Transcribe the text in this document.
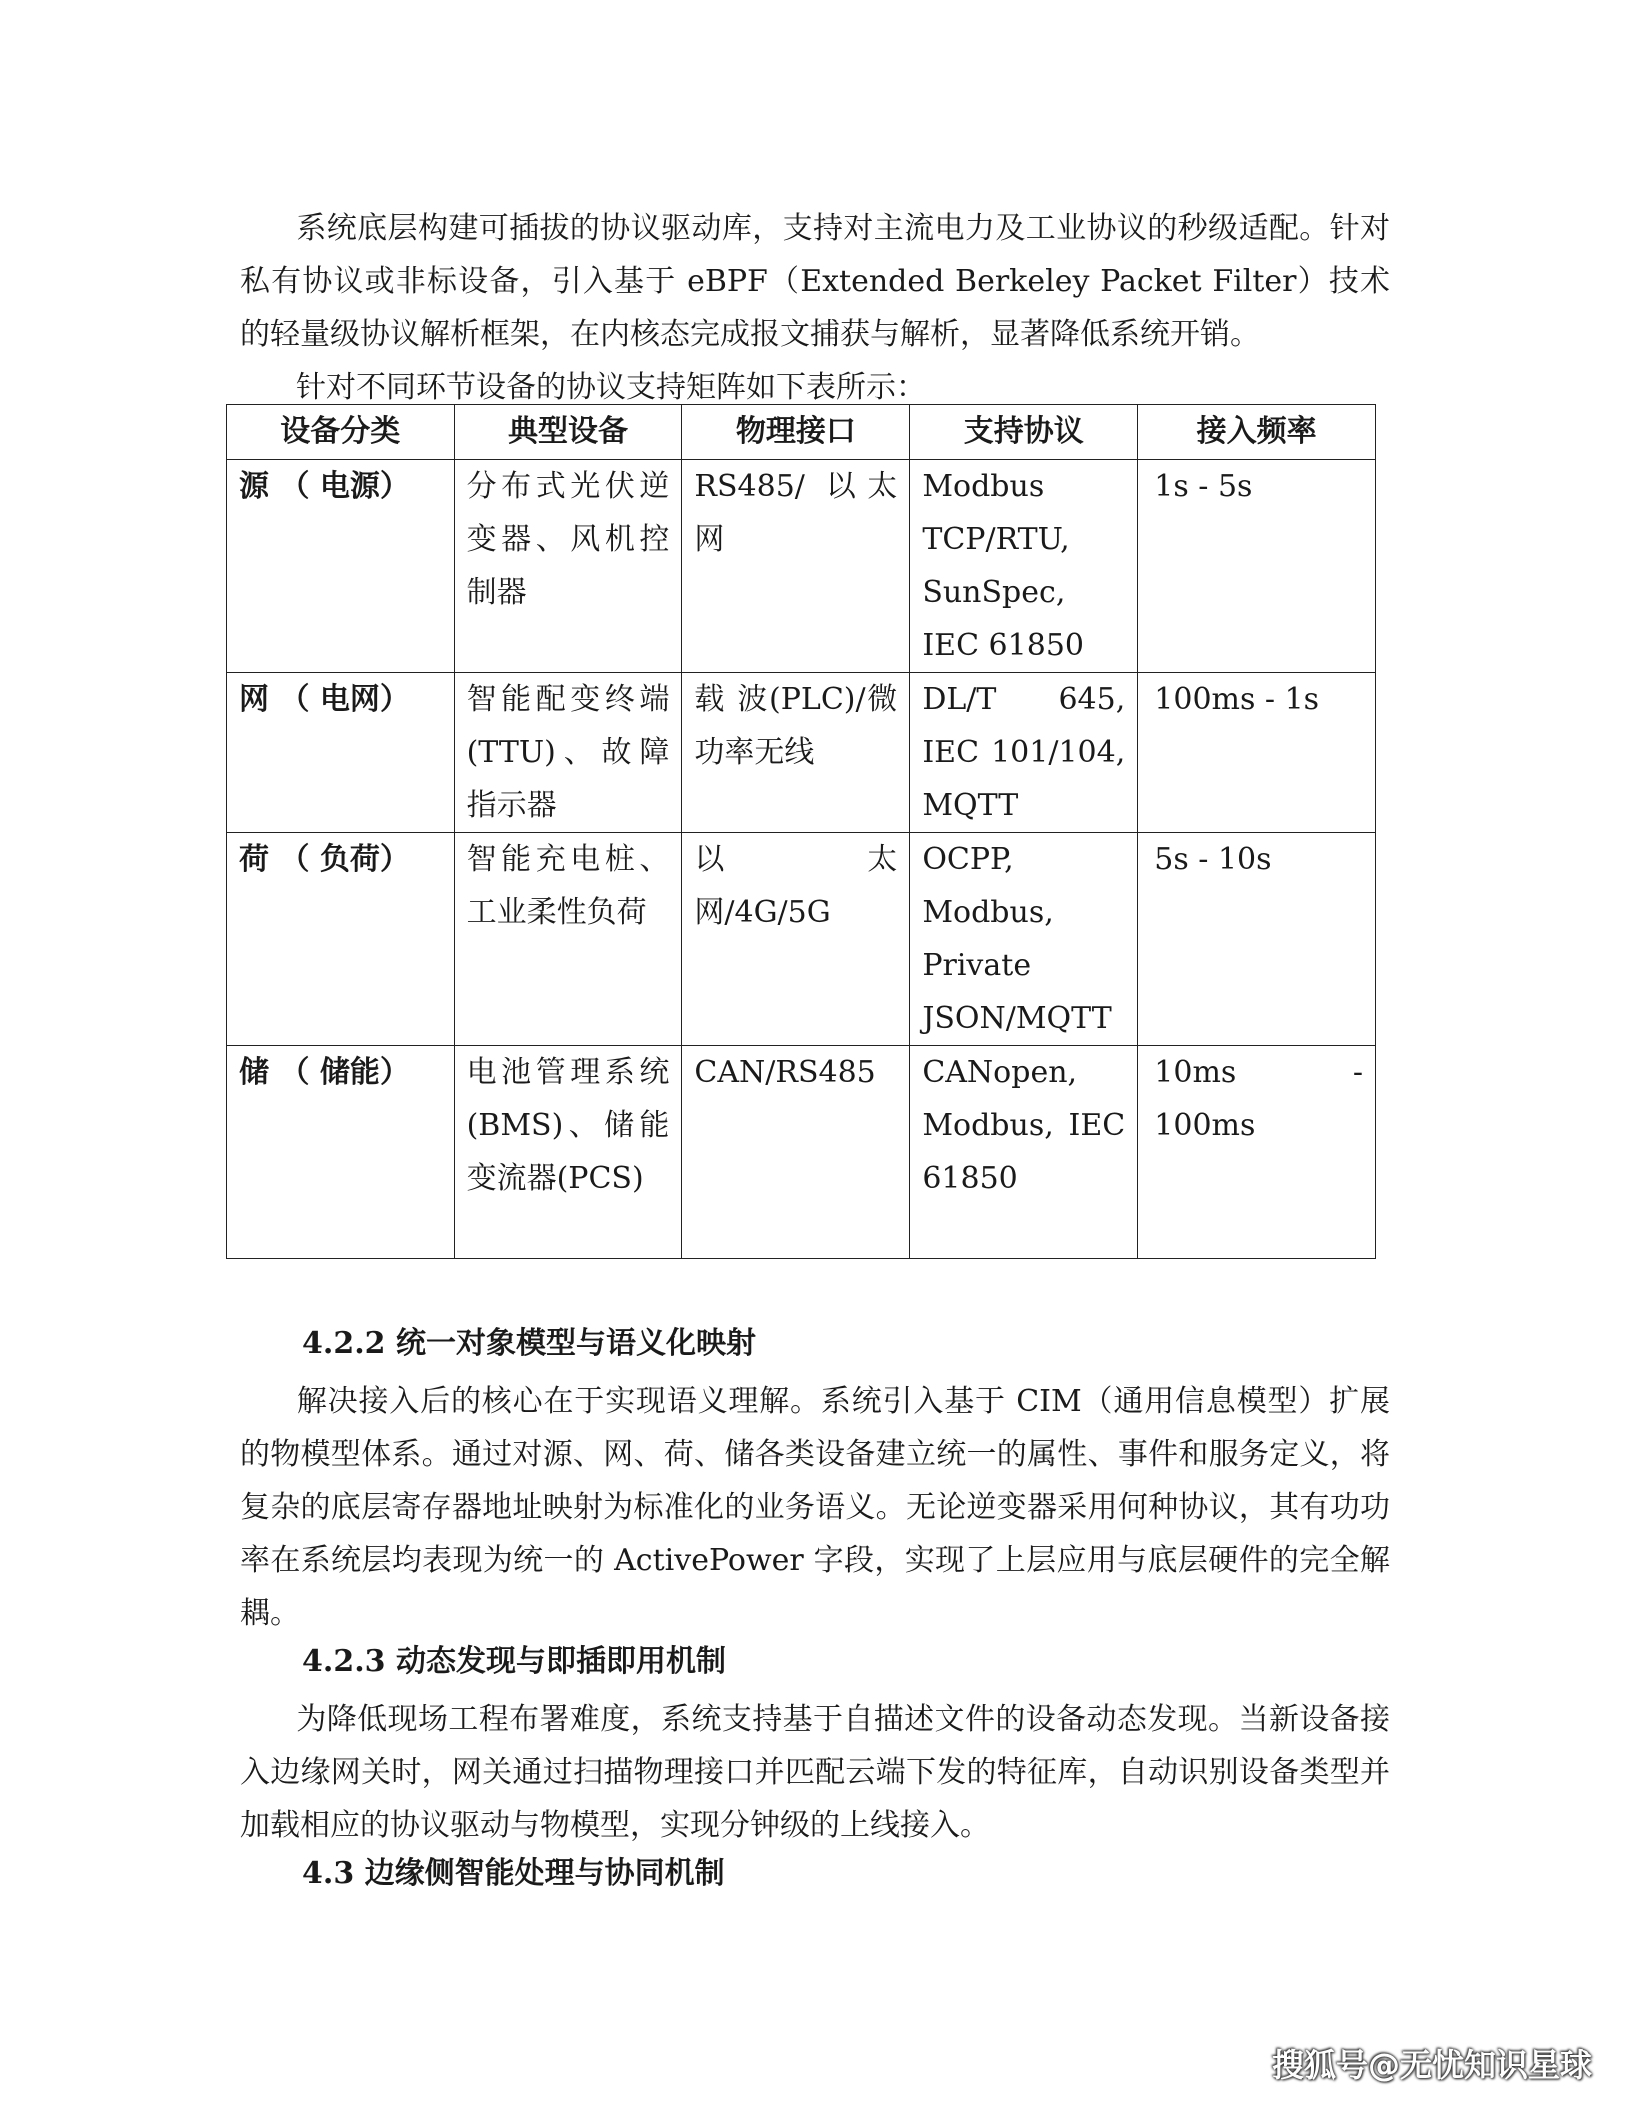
系统底层构建可插拔的协议驱动库，支持对主流电力及工业协议的秒级适配。针对私有协议或非标设备，引入基于 eBPF（Extended Berkeley Packet Filter）技术的轻量级协议解析框架，在内核态完成报文捕获与解析，显著降低系统开销。

针对不同环节设备的协议支持矩阵如下表所示：

设备分类	典型设备	物理接口	支持协议	接入频率
源 （ 电源）	分布式光伏逆变器、风机控制器	RS485/ 以太网	Modbus TCP/RTU, SunSpec, IEC 61850	1s - 5s
网 （ 电网）	智能配变终端(TTU)、故障指示器	载 波(PLC)/微功率无线	DL/T 645, IEC 101/104, MQTT	100ms - 1s
荷 （ 负荷）	智能充电桩、工业柔性负荷	以 太 网/4G/5G	OCPP, Modbus, Private JSON/MQTT	5s - 10s
储 （ 储能）	电池管理系统(BMS)、储能变流器(PCS)	CAN/RS485	CANopen, Modbus, IEC 61850	10ms - 100ms
4.2.2 统一对象模型与语义化映射

解决接入后的核心在于实现语义理解。系统引入基于 CIM（通用信息模型）扩展的物模型体系。通过对源、网、荷、储各类设备建立统一的属性、事件和服务定义，将复杂的底层寄存器地址映射为标准化的业务语义。无论逆变器采用何种协议，其有功功率在系统层均表现为统一的 ActivePower 字段，实现了上层应用与底层硬件的完全解耦。

4.2.3 动态发现与即插即用机制

为降低现场工程布署难度，系统支持基于自描述文件的设备动态发现。当新设备接入边缘网关时，网关通过扫描物理接口并匹配云端下发的特征库，自动识别设备类型并加载相应的协议驱动与物模型，实现分钟级的上线接入。

4.3 边缘侧智能处理与协同机制
搜狐号@无忧知识星球
